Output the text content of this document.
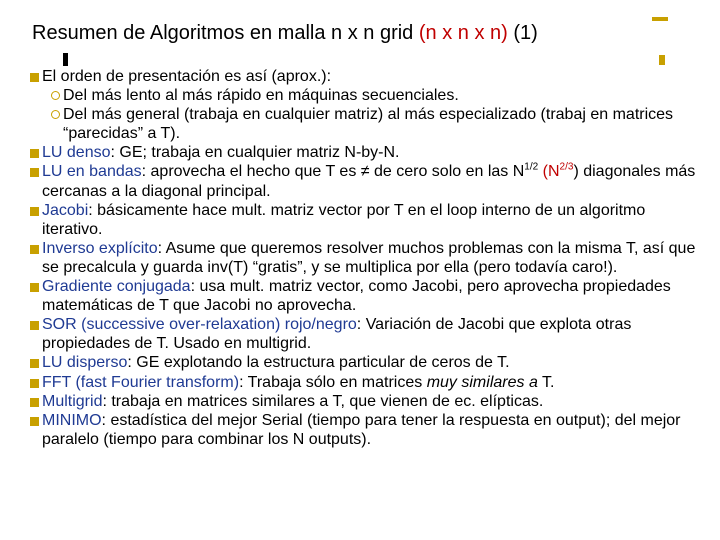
Resumen de Algoritmos en malla n x n grid (n x n x n) (1)
El orden de presentación es así (aprox.):
Del más lento al más rápido en máquinas secuenciales.
Del más general (trabaja en cualquier matriz) al más especializado (trabaj en matrices “parecidas” a T).
LU denso: GE; trabaja en cualquier matriz N-by-N.
LU en bandas: aprovecha el hecho que T es ≠ de cero solo en las $N^{1/2}$ $(N^{2/3})$ diagonales más cercanas a la diagonal principal.
Jacobi: básicamente hace mult. matriz vector por T en el loop interno de un algoritmo iterativo.
Inverso explícito: Asume que queremos resolver muchos problemas con la misma T, así que se precalcula y guarda inv(T) “gratis”, y se multiplica por ella (pero todavía caro!).
Gradiente conjugada: usa mult. matriz vector, como Jacobi, pero aprovecha propiedades matemáticas de T que Jacobi no aprovecha.
SOR (successive over-relaxation) rojo/negro: Variación de Jacobi que explota otras propiedades de T. Usado en multigrid.
LU disperso: GE explotando la estructura particular de ceros de T.
FFT (fast Fourier transform): Trabaja sólo en matrices muy similares a T.
Multigrid: trabaja en matrices similares a T, que vienen de ec. elípticas.
MINIMO: estadística del mejor Serial (tiempo para tener la respuesta en output); del mejor paralelo (tiempo para combinar los N outputs).
